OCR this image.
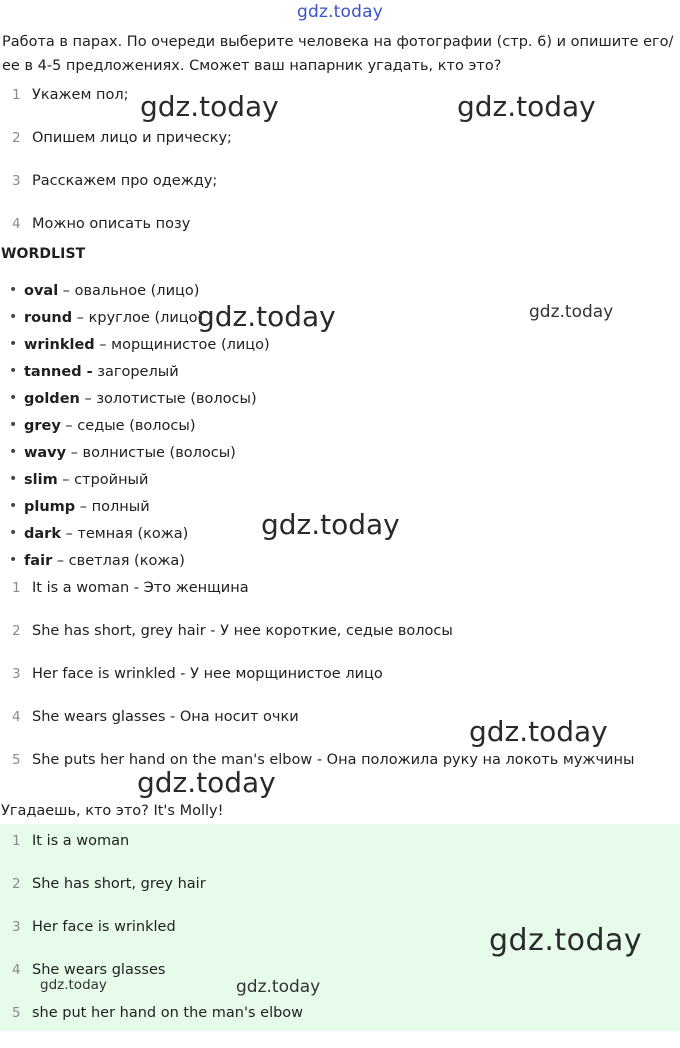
gdz.today
Работа в парах. По очереди выберите человека на фотографии (стр. 6) и опишите его/ее в 4-5 предложениях. Сможет ваш напарник угадать, кто это?
1 Укажем пол;
2 Опишем лицо и прическу;
3 Расскажем про одежду;
4 Можно описать позу
WORDLIST
• oval – овальное (лицо)
• round – круглое (лицо)
• wrinkled – морщинистое (лицо)
• tanned - загорелый
• golden – золотистые (волосы)
• grey – седые (волосы)
• wavy – волнистые (волосы)
• slim – стройный
• plump – полный
• dark – темная (кожа)
• fair – светлая (кожа)
1 It is a woman - Это женщина
2 She has short, grey hair - У нее короткие, седые волосы
3 Her face is wrinkled - У нее морщинистое лицо
4 She wears glasses - Она носит очки
5 She puts her hand on the man's elbow - Она положила руку на локоть мужчины
Угадаешь, кто это? It's Molly!
1 It is a woman
2 She has short, grey hair
3 Her face is wrinkled
4 She wears glasses
5 she put her hand on the man's elbow
gdz.today	gdz.today
gdz.today	gdz.today
gdz.today
gdz.today
gdz.today
gdz.today
gdz.today	gdz.today
